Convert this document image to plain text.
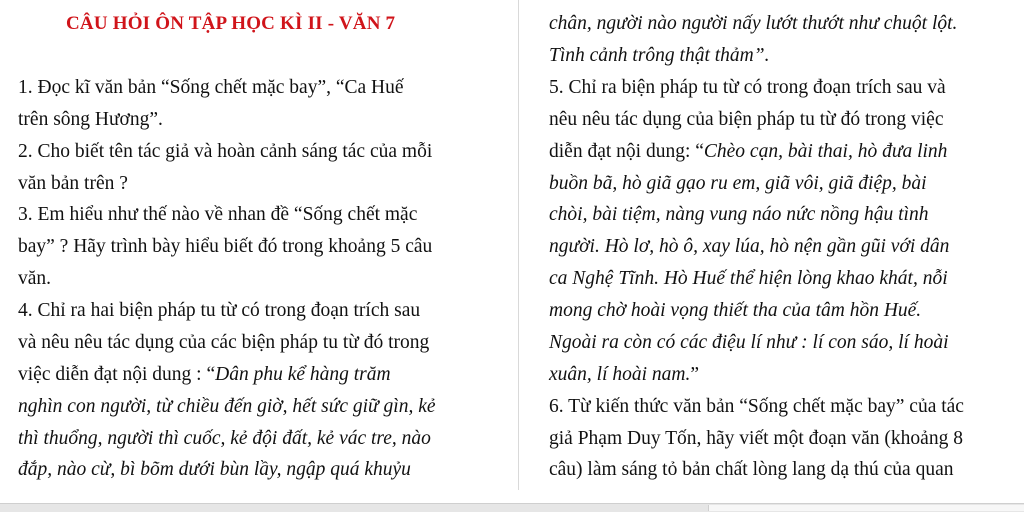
CÂU HỎI ÔN TẬP HỌC KÌ II - VĂN 7
1. Đọc kĩ văn bản “Sống chết mặc bay”, “Ca Huế
trên sông Hương”.
2. Cho biết tên tác giả và hoàn cảnh sáng tác của mỗi
văn bản trên ?
3. Em hiểu như thế nào về nhan đề “Sống chết mặc
bay” ? Hãy trình bày hiểu biết đó trong khoảng 5 câu
văn.
4. Chỉ ra hai biện pháp tu từ có trong đoạn trích sau
và nêu nêu tác dụng của các biện pháp tu từ đó trong
việc diễn đạt nội dung : “Dân phu kể hàng trăm
nghìn con người, từ chiều đến giờ, hết sức giữ gìn, kẻ
thì thuổng, người thì cuốc, kẻ đội đất, kẻ vác tre, nào
đắp, nào cừ, bì bõm dưới bùn lầy, ngập quá khuỷu
chân, người nào người nấy lướt thướt như chuột lột.
Tình cảnh trông thật thảm”.
5. Chỉ ra biện pháp tu từ có trong đoạn trích sau và
nêu nêu tác dụng của biện pháp tu từ đó trong việc
diễn đạt nội dung: “Chèo cạn, bài thai, hò đưa linh
buồn bã, hò giã gạo ru em, giã vôi, giã điệp, bài
chòi, bài tiệm, nàng vung náo nức nồng hậu tình
người. Hò lơ, hò ô, xay lúa, hò nện gần gũi với dân
ca Nghệ Tĩnh. Hò Huế thể hiện lòng khao khát, nỗi
mong chờ hoài vọng thiết tha của tâm hồn Huế.
Ngoài ra còn có các điệu lí như : lí con sáo, lí hoài
xuân, lí hoài nam.”
6. Từ kiến thức văn bản “Sống chết mặc bay” của tác
giả Phạm Duy Tốn, hãy viết một đoạn văn (khoảng 8
câu) làm sáng tỏ bản chất lòng lang dạ thú của quan
